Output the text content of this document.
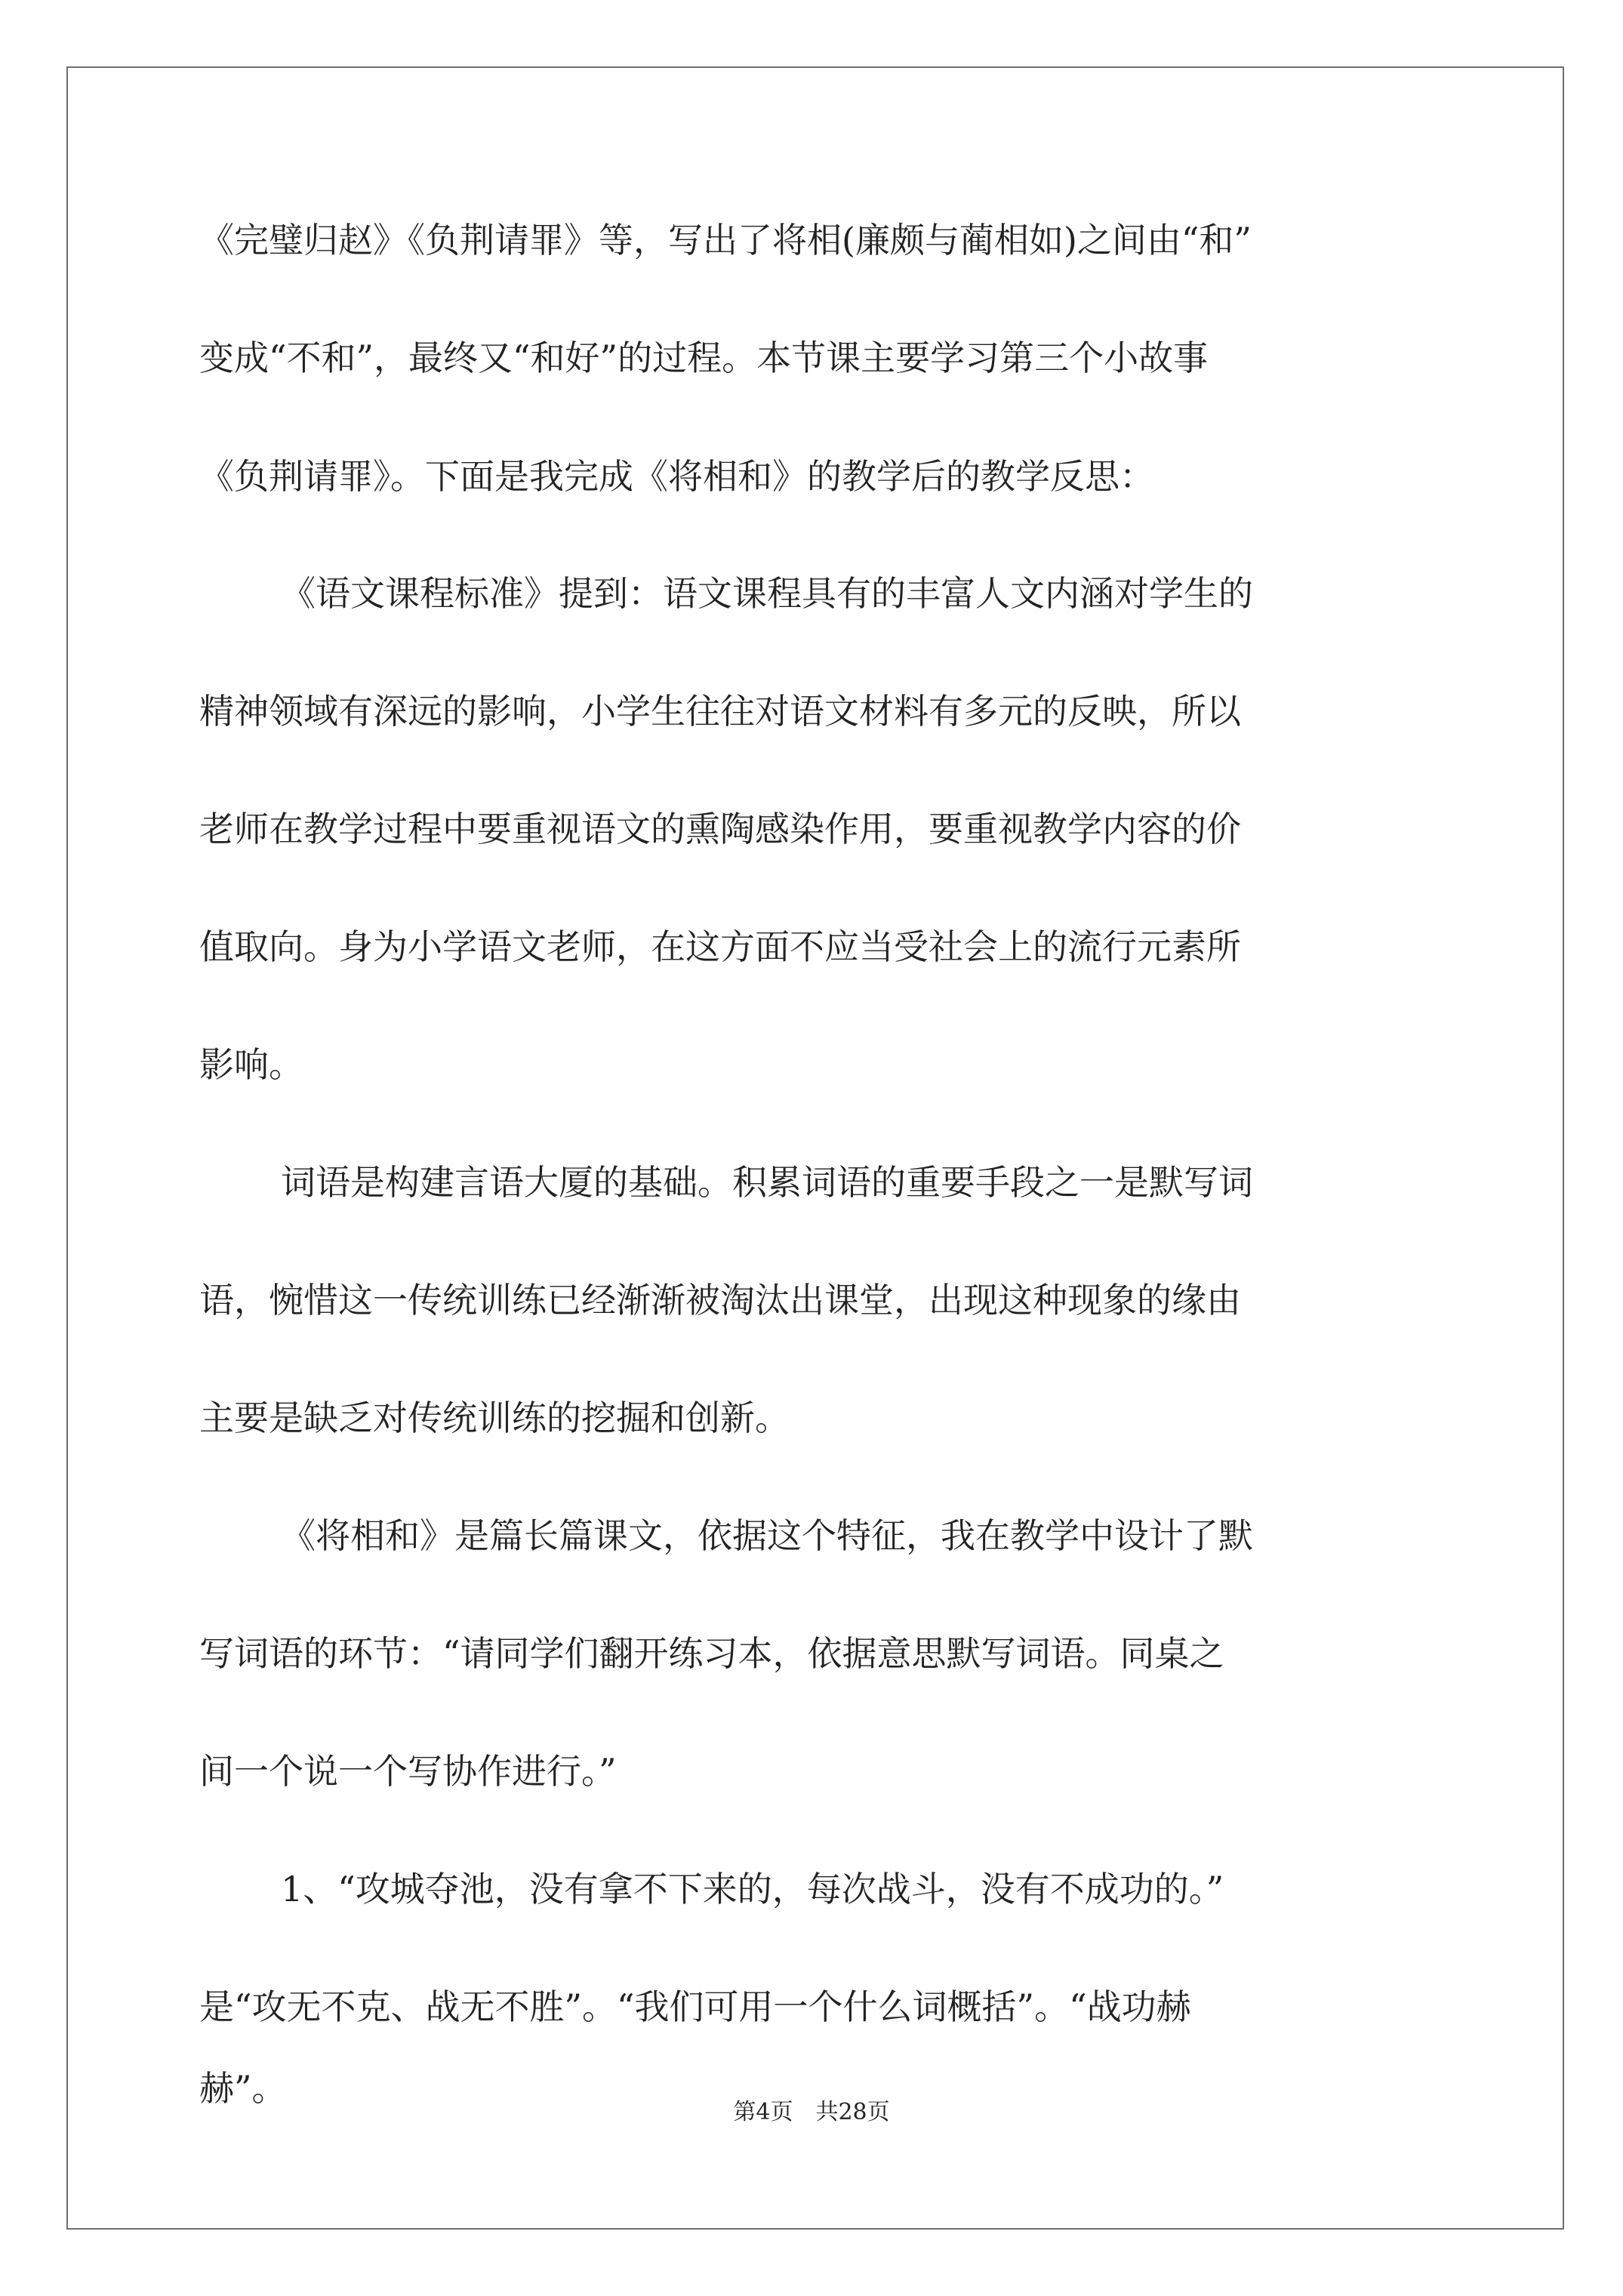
《完璧归赵》《负荆请罪》等，写出了将相(廉颇与蔺相如)之间由“和”
变成“不和”，最终又“和好”的过程。本节课主要学习第三个小故事
《负荆请罪》。下面是我完成《将相和》的教学后的教学反思：
《语文课程标准》提到：语文课程具有的丰富人文内涵对学生的
精神领域有深远的影响，小学生往往对语文材料有多元的反映，所以
老师在教学过程中要重视语文的熏陶感染作用，要重视教学内容的价
值取向。身为小学语文老师，在这方面不应当受社会上的流行元素所
影响。
词语是构建言语大厦的基础。积累词语的重要手段之一是默写词
语，惋惜这一传统训练已经渐渐被淘汰出课堂，出现这种现象的缘由
主要是缺乏对传统训练的挖掘和创新。
《将相和》是篇长篇课文，依据这个特征，我在教学中设计了默
写词语的环节：“请同学们翻开练习本，依据意思默写词语。同桌之
间一个说一个写协作进行。”
1、“攻城夺池，没有拿不下来的，每次战斗，没有不成功的。”
是“攻无不克、战无不胜”。“我们可用一个什么词概括”。“战功赫
赫”。
第4页 共28页
